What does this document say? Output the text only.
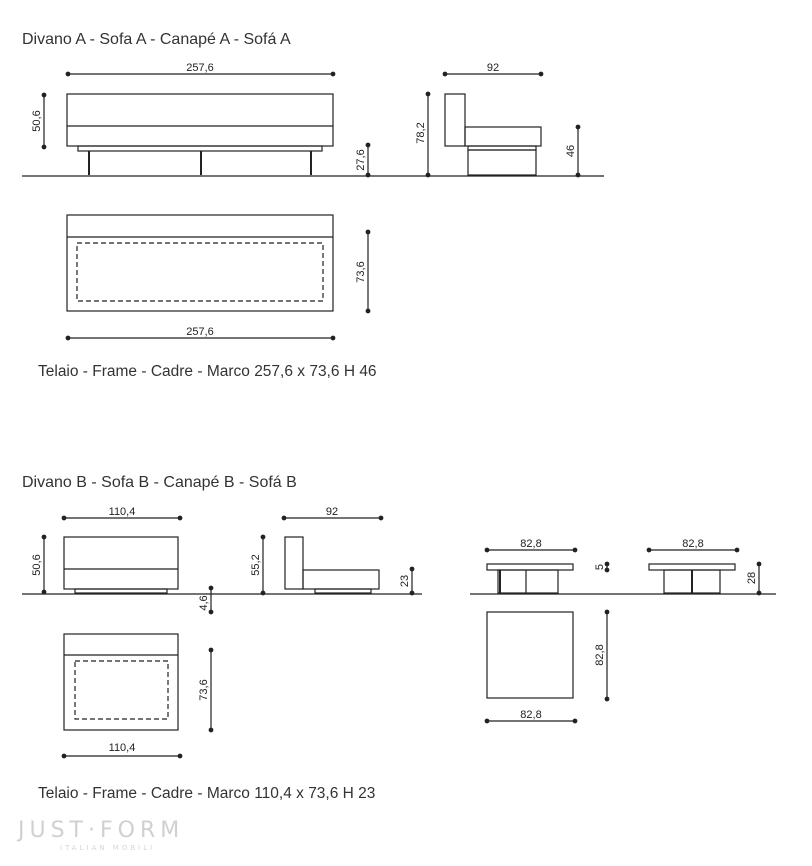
Divano A - Sofa A - Canapé A - Sofá A
Telaio - Frame - Cadre - Marco 257,6 x 73,6 H 46
Divano B - Sofa B - Canapé B - Sofá B
Telaio - Frame - Cadre - Marco 110,4 x 73,6 H 23
257,6
50,6
27,6
92
78,2
46
73,6
257,6
110,4
50,6
4,6
92
55,2
23
73,6
110,4
82,8
5
82,8
28
82,8
82,8
JUST·FORM
ITALIAN MOBILI
